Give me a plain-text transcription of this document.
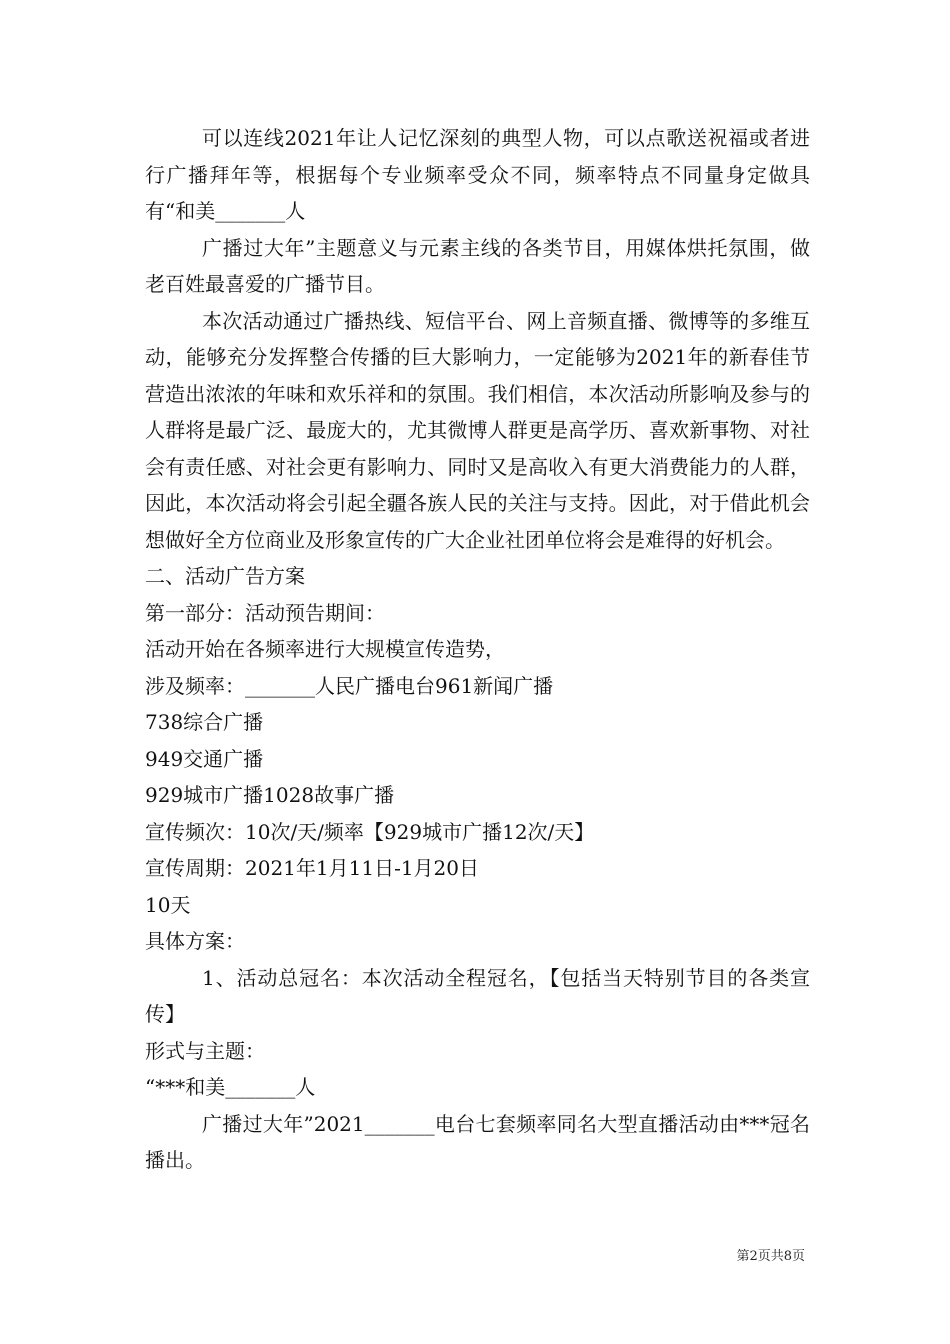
可以连线2021年让人记忆深刻的典型人物，可以点歌送祝福或者进行广播拜年等，根据每个专业频率受众不同，频率特点不同量身定做具有“和美_______人

广播过大年”主题意义与元素主线的各类节目，用媒体烘托氛围，做老百姓最喜爱的广播节目。

本次活动通过广播热线、短信平台、网上音频直播、微博等的多维互动，能够充分发挥整合传播的巨大影响力，一定能够为2021年的新春佳节营造出浓浓的年味和欢乐祥和的氛围。我们相信，本次活动所影响及参与的人群将是最广泛、最庞大的，尤其微博人群更是高学历、喜欢新事物、对社会有责任感、对社会更有影响力、同时又是高收入有更大消费能力的人群，因此，本次活动将会引起全疆各族人民的关注与支持。因此，对于借此机会想做好全方位商业及形象宣传的广大企业社团单位将会是难得的好机会。

二、活动广告方案

第一部分：活动预告期间：

活动开始在各频率进行大规模宣传造势，

涉及频率：_______人民广播电台961新闻广播

738综合广播

949交通广播

929城市广播1028故事广播

宣传频次：10次/天/频率【929城市广播12次/天】

宣传周期：2021年1月11日-1月20日

10天

具体方案：

1、活动总冠名：本次活动全程冠名，【包括当天特别节目的各类宣传】

形式与主题：

“***和美_______人

广播过大年”2021_______电台七套频率同名大型直播活动由***冠名播出。

第2页共8页
